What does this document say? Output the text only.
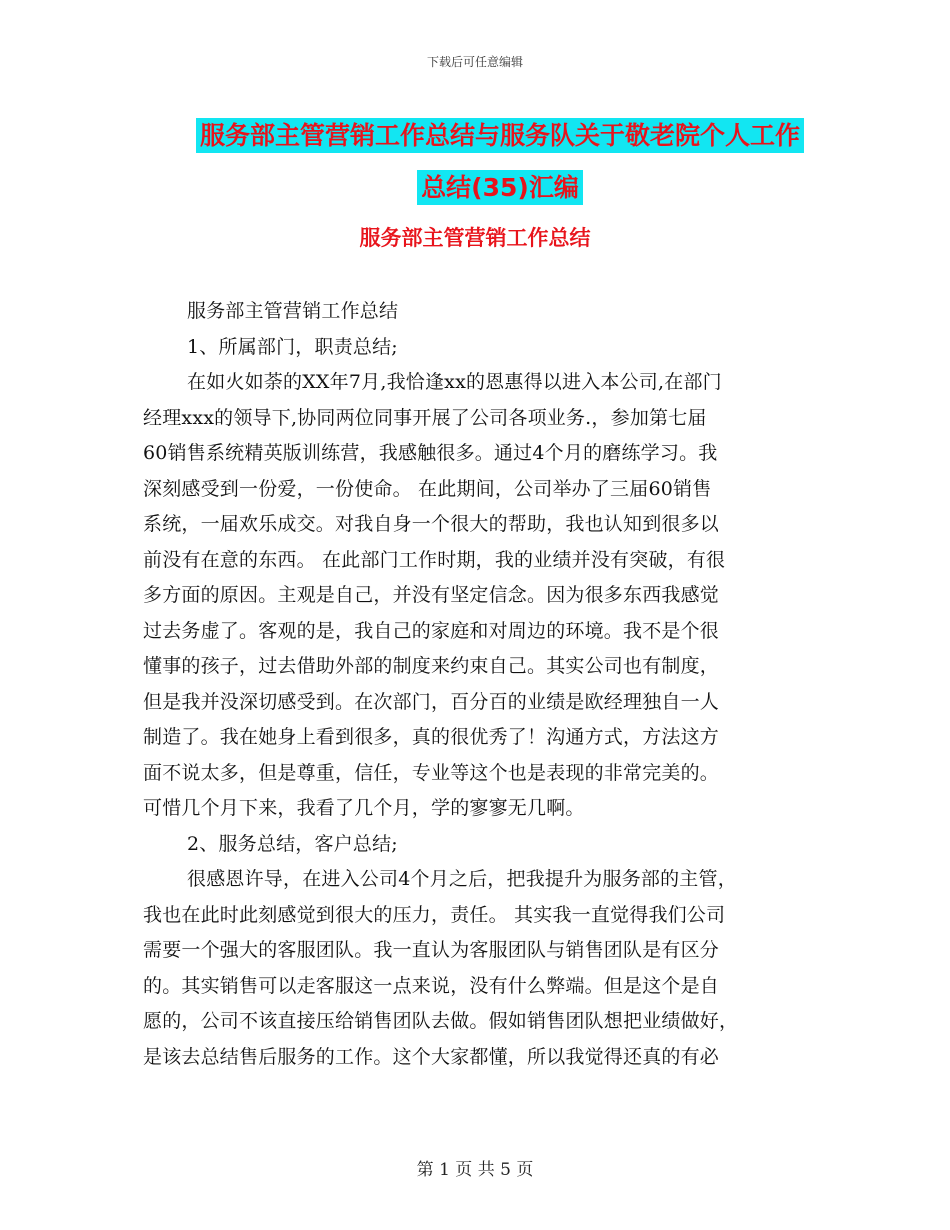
下载后可任意编辑
服务部主管营销工作总结与服务队关于敬老院个人工作总结(35)汇编
服务部主管营销工作总结
服务部主管营销工作总结
1、所属部门，职责总结;
在如火如荼的XX年7月,我恰逢xx的恩惠得以进入本公司,在部门
经理xxx的领导下,协同两位同事开展了公司各项业务.，参加第七届
60销售系统精英版训练营，我感触很多。通过4个月的磨练学习。我
深刻感受到一份爱，一份使命。 在此期间，公司举办了三届60销售
系统，一届欢乐成交。对我自身一个很大的帮助，我也认知到很多以
前没有在意的东西。 在此部门工作时期，我的业绩并没有突破，有很
多方面的原因。主观是自己，并没有坚定信念。因为很多东西我感觉
过去务虚了。客观的是，我自己的家庭和对周边的环境。我不是个很
懂事的孩子，过去借助外部的制度来约束自己。其实公司也有制度，
但是我并没深切感受到。在次部门，百分百的业绩是欧经理独自一人
制造了。我在她身上看到很多，真的很优秀了！沟通方式，方法这方
面不说太多，但是尊重，信任，专业等这个也是表现的非常完美的。
可惜几个月下来，我看了几个月，学的寥寥无几啊。
2、服务总结，客户总结;
很感恩许导，在进入公司4个月之后，把我提升为服务部的主管，
我也在此时此刻感觉到很大的压力，责任。 其实我一直觉得我们公司
需要一个强大的客服团队。我一直认为客服团队与销售团队是有区分
的。其实销售可以走客服这一点来说，没有什么弊端。但是这个是自
愿的，公司不该直接压给销售团队去做。假如销售团队想把业绩做好，
是该去总结售后服务的工作。这个大家都懂，所以我觉得还真的有必
第 1 页 共 5 页
